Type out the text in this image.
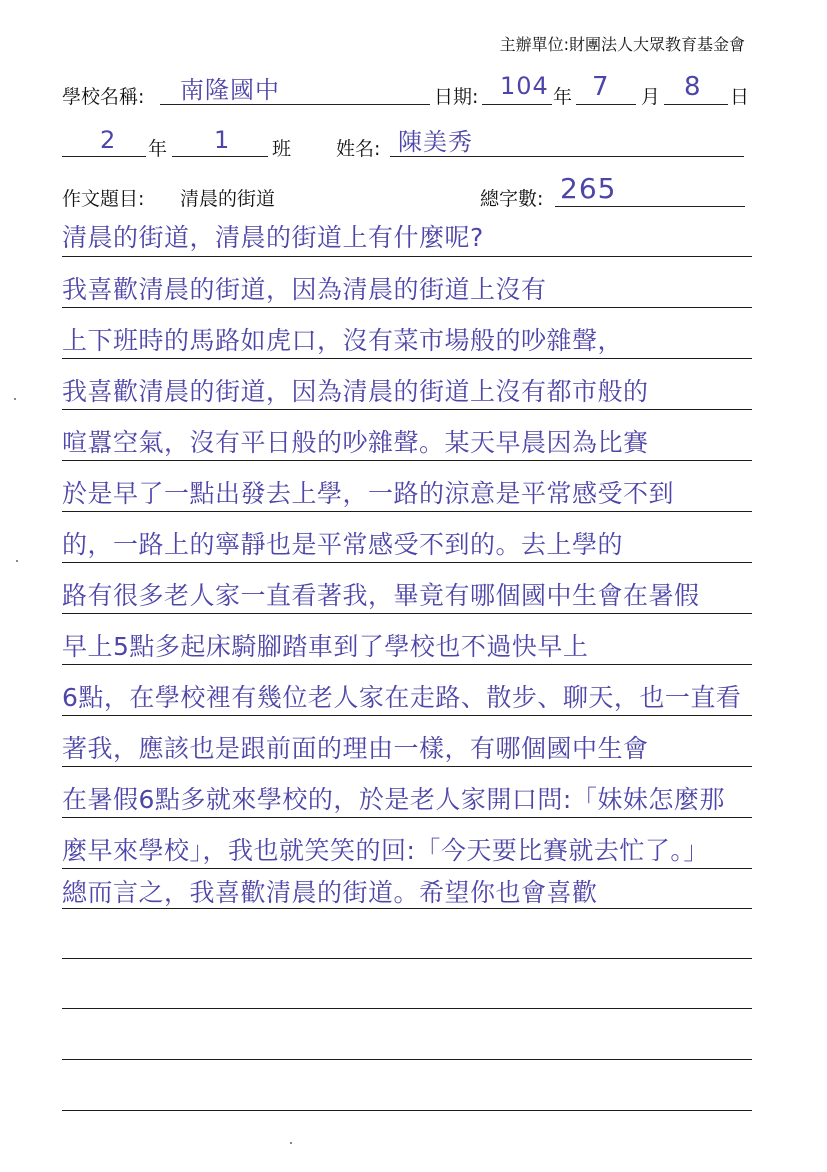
主辦單位:財團法人大眾教育基金會
學校名稱: 南隆國中	日期: 104 年 7 月 8 日
2 年 1 班 姓名: 陳美秀
作文題目: 清晨的街道	總字數: 265
清晨的街道，清晨的街道上有什麼呢?
我喜歡清晨的街道，因為清晨的街道上沒有
上下班時的馬路如虎口，沒有菜市場般的吵雜聲，
我喜歡清晨的街道，因為清晨的街道上沒有都市般的
喧囂空氣，沒有平日般的吵雜聲。某天早晨因為比賽
於是早了一點出發去上學，一路的涼意是平常感受不到
的，一路上的寧靜也是平常感受不到的。去上學的
路有很多老人家一直看著我，畢竟有哪個國中生會在暑假
早上5點多起床騎腳踏車到了學校也不過快早上
6點，在學校裡有幾位老人家在走路、散步、聊天，也一直看
著我，應該也是跟前面的理由一樣，有哪個國中生會
在暑假6點多就來學校的，於是老人家開口問:「妹妹怎麼那
麼早來學校」，我也就笑笑的回:「今天要比賽就去忙了。」
總而言之，我喜歡清晨的街道。希望你也會喜歡
